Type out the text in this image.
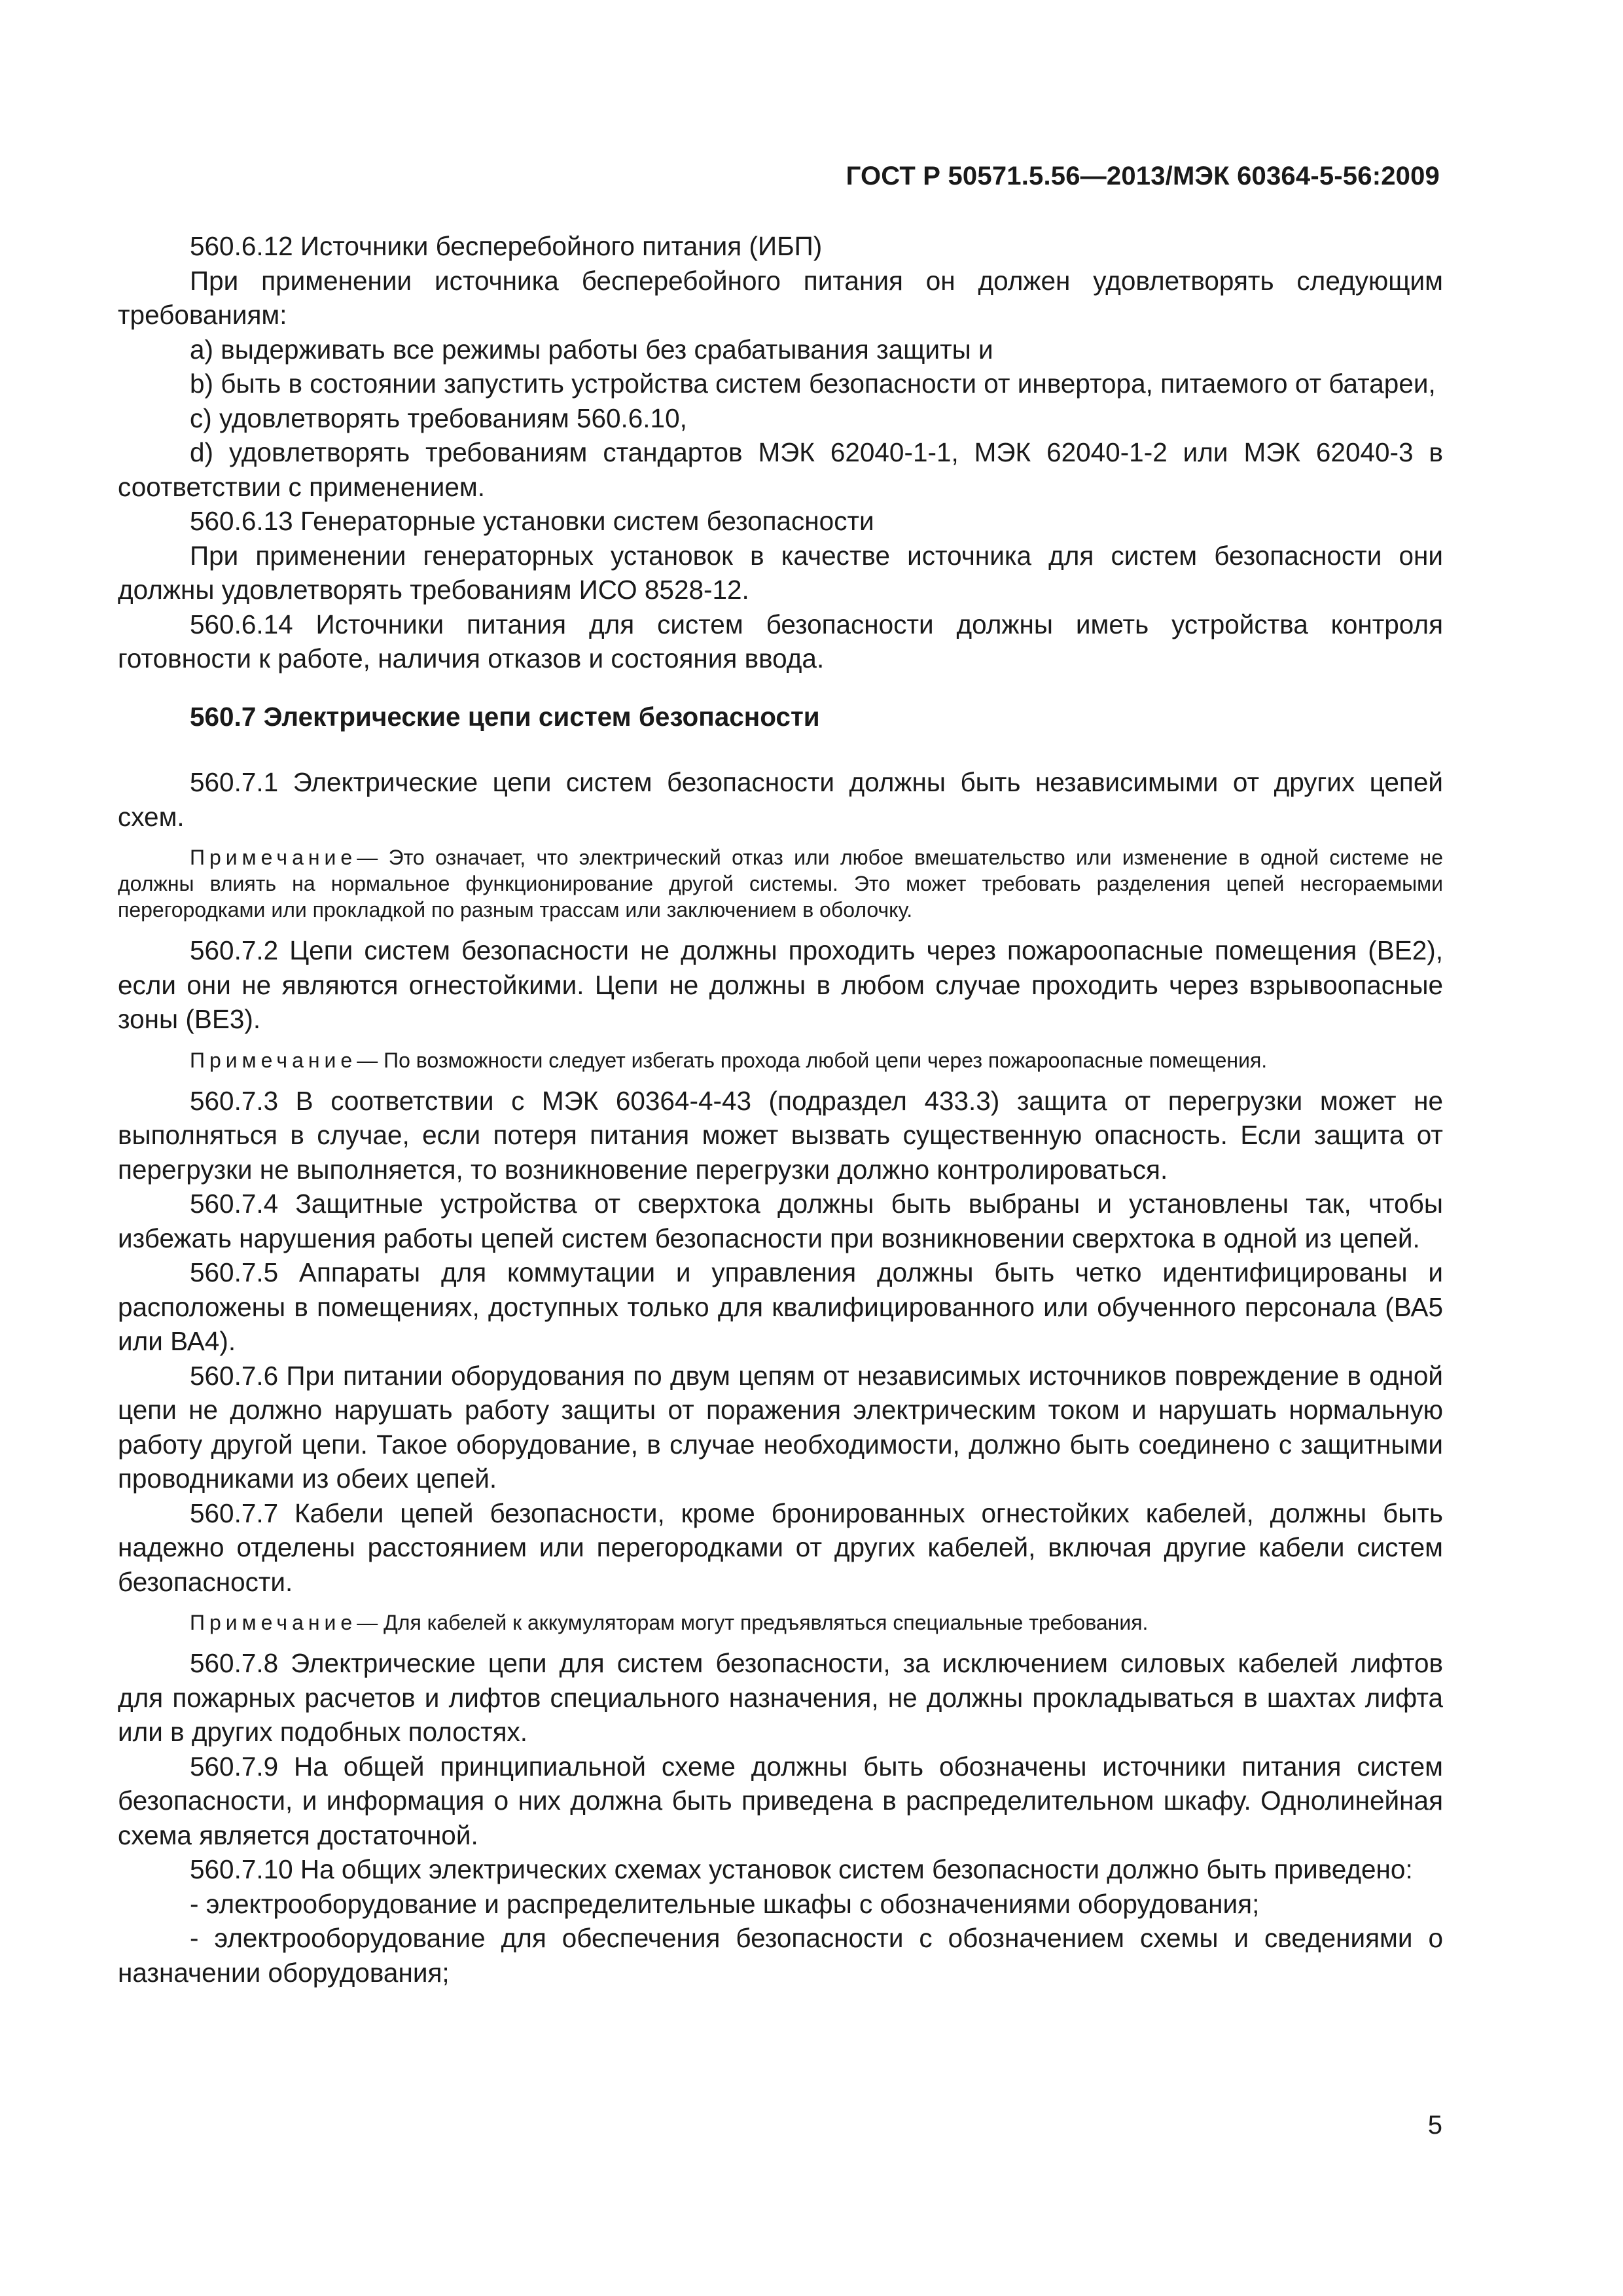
ГОСТ Р 50571.5.56—2013/МЭК 60364-5-56:2009

560.6.12 Источники бесперебойного питания (ИБП)

При применении источника бесперебойного питания он должен удовлетворять следующим требованиям:

a) выдерживать все режимы работы без срабатывания защиты и

b) быть в состоянии запустить устройства систем безопасности от инвертора, питаемого от батареи,

c) удовлетворять требованиям 560.6.10,

d) удовлетворять требованиям стандартов МЭК 62040-1-1, МЭК 62040-1-2 или МЭК 62040-3 в соответствии с применением.

560.6.13 Генераторные установки систем безопасности

При применении генераторных установок в качестве источника для систем безопасности они должны удовлетворять требованиям ИСО 8528-12.

560.6.14 Источники питания для систем безопасности должны иметь устройства контроля готовности к работе, наличия отказов и состояния ввода.

560.7 Электрические цепи систем безопасности

560.7.1 Электрические цепи систем безопасности должны быть независимыми от других цепей схем.

Примечание— Это означает, что электрический отказ или любое вмешательство или изменение в одной системе не должны влиять на нормальное функционирование другой системы. Это может требовать разделения цепей несгораемыми перегородками или прокладкой по разным трассам или заключением в оболочку.

560.7.2 Цепи систем безопасности не должны проходить через пожароопасные помещения (ВЕ2), если они не являются огнестойкими. Цепи не должны в любом случае проходить через взрывоопасные зоны (ВЕ3).

Примечание— По возможности следует избегать прохода любой цепи через пожароопасные помещения.

560.7.3 В соответствии с МЭК 60364-4-43 (подраздел 433.3) защита от перегрузки может не выполняться в случае, если потеря питания может вызвать существенную опасность. Если защита от перегрузки не выполняется, то возникновение перегрузки должно контролироваться.

560.7.4 Защитные устройства от сверхтока должны быть выбраны и установлены так, чтобы избежать нарушения работы цепей систем безопасности при возникновении сверхтока в одной из цепей.

560.7.5 Аппараты для коммутации и управления должны быть четко идентифицированы и расположены в помещениях, доступных только для квалифицированного или обученного персонала (ВА5 или ВА4).

560.7.6 При питании оборудования по двум цепям от независимых источников повреждение в одной цепи не должно нарушать работу защиты от поражения электрическим током и нарушать нормальную работу другой цепи. Такое оборудование, в случае необходимости, должно быть соединено с защитными проводниками из обеих цепей.

560.7.7 Кабели цепей безопасности, кроме бронированных огнестойких кабелей, должны быть надежно отделены расстоянием или перегородками от других кабелей, включая другие кабели систем безопасности.

Примечание— Для кабелей к аккумуляторам могут предъявляться специальные требования.

560.7.8 Электрические цепи для систем безопасности, за исключением силовых кабелей лифтов для пожарных расчетов и лифтов специального назначения, не должны прокладываться в шахтах лифта или в других подобных полостях.

560.7.9 На общей принципиальной схеме должны быть обозначены источники питания систем безопасности, и информация о них должна быть приведена в распределительном шкафу. Однолинейная схема является достаточной.

560.7.10 На общих электрических схемах установок систем безопасности должно быть приведено:

- электрооборудование и распределительные шкафы с обозначениями оборудования;

- электрооборудование для обеспечения безопасности с обозначением схемы и сведениями о назначении оборудования;

5
